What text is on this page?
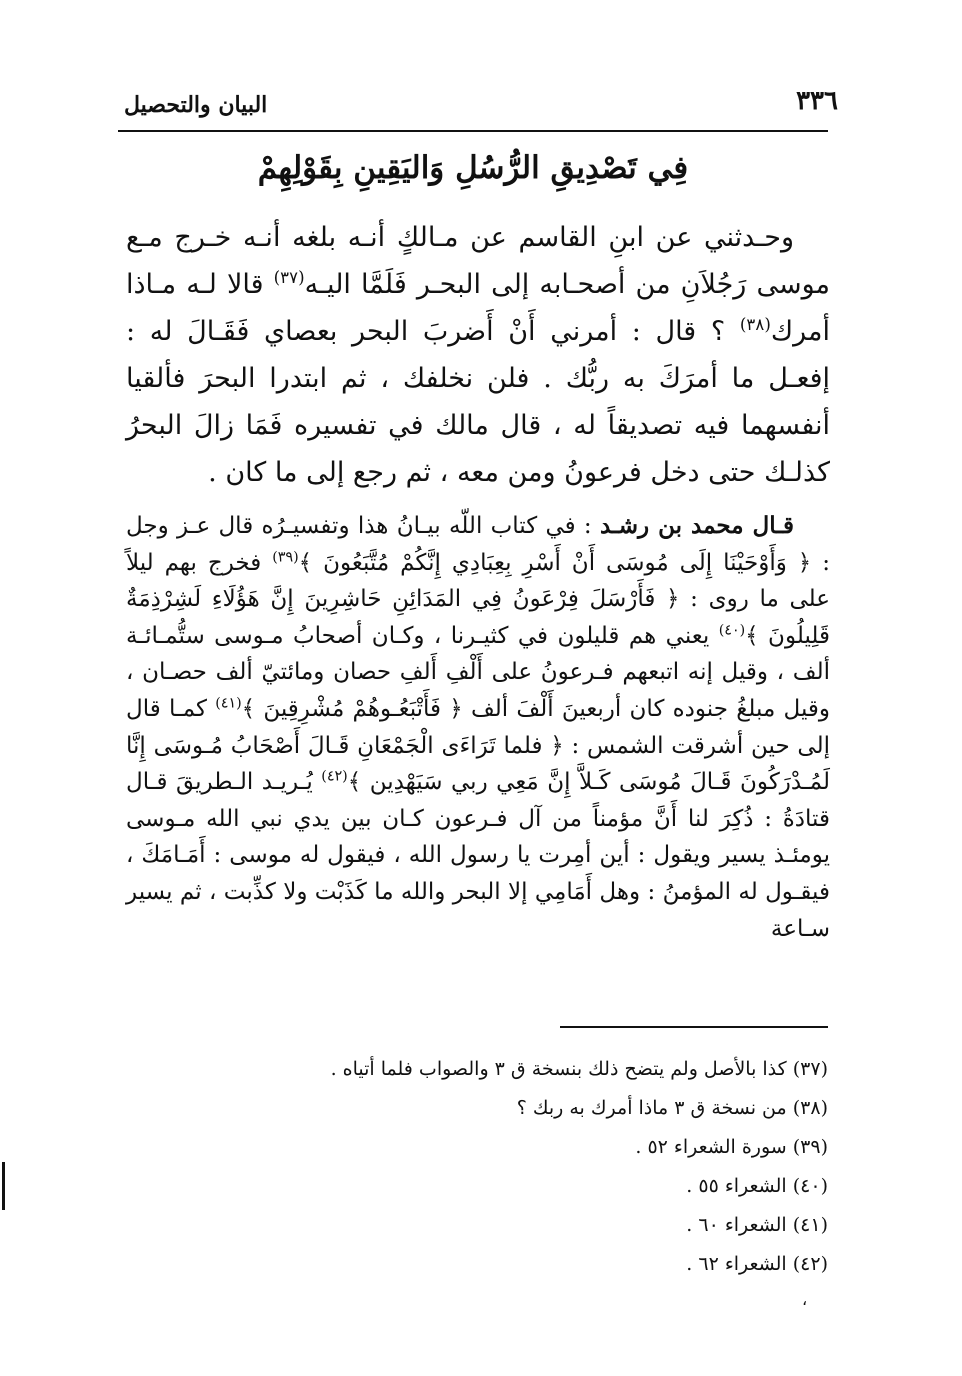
٣٣٦
البيان والتحصيل
فِي تَصْدِيقِ الرُّسُلِ وَاليَقِينِ بِقَوْلِهِمْ

وحـدثني عن ابنِ القاسم عن مـالكٍ أنـه بلغه أنـه خـرج مـع موسى رَجُلاَنِ من أصحـابه إلى البحـر فَلَمَّا اليـه$^{(٣٧)}$ قالا لـه مـاذا أمرك$^{(٣٨)}$ ؟ قال : أمرني أَنْ أَضربَ البحر بعصاي فَقَـالَ له : إفعـل ما أمرَكَ به ربُّك . فلن نخلفك ، ثم ابتدرا البحرَ فألقيا أنفسهما فيه تصديقاً له ، قال مالك في تفسيره فَمَا زالَ البحرُ كذلـك حتى دخل فرعونُ ومن معه ، ثم رجع إلى ما كان .

قـال محمد بن رشـد : في كتاب اللّه بيـانُ هذا وتفسيـرُه قال عـز وجل : ﴿ وَأَوْحَيْنَا إِلَى مُوسَى أَنْ أَسْرِ بِعِبَادِي إِنَّكُمْ مُتَّبَعُونَ ﴾$^{(٣٩)}$ فخرج بهم ليلاً على ما روى : ﴿ فَأَرْسَلَ فِرْعَونُ فِي المَدَائِنِ حَاشِرِينَ إِنَّ هَؤُلَاءِ لَشِرْذِمَةٌ قَلِيلُونَ ﴾$^{(٤٠)}$ يعني هم قليلون في كثيـرنا ، وكـان أصحابُ مـوسى ستُّمـائـة ألف ، وقيل إنه اتبعهم فـرعونُ على أَلْفِ أَلفِ حصان ومائتيّ ألف حصـان ، وقيل مبلغُ جنوده كان أربعينَ أَلْفَ ألف ﴿ فَأَتْبَعُـوهُمْ مُشْرِقِينَ ﴾$^{(٤١)}$ كمـا قال إلى حين أشرقت الشمس : ﴿ فلما تَرَاءَى الْجَمْعَانِ قَـالَ أَصْحَابُ مُـوسَى إِنَّا لَمُـدْرَكُونَ قَـالَ مُوسَى كَـلاَّ إِنَّ مَعِي ربي سَيَهْدِين ﴾$^{(٤٢)}$ يُـريـد الـطريقَ قـال قتادَةُ : ذُكِرَ لنا أَنَّ مؤمناً من آل فـرعون كـان بين يدي نبي الله مـوسى يومئـذ يسير ويقول : أين أمِرت يا رسول الله ، فيقول له موسى : أَمَـامَكَ ، فيقـول له المؤمنُ : وهل أَمَامِي إلا البحر والله ما كَذَبْت ولا كذِّبت ، ثم يسير سـاعة

(٣٧) كذا بالأصل ولم يتضح ذلك بنسخة ق ٣ والصواب فلما أتياه .
(٣٨) من نسخة ق ٣ ماذا أمرك به ربك ؟
(٣٩) سورة الشعراء ٥٢ .
(٤٠) الشعراء ٥٥ .
(٤١) الشعراء ٦٠ .
(٤٢) الشعراء ٦٢ .
،
